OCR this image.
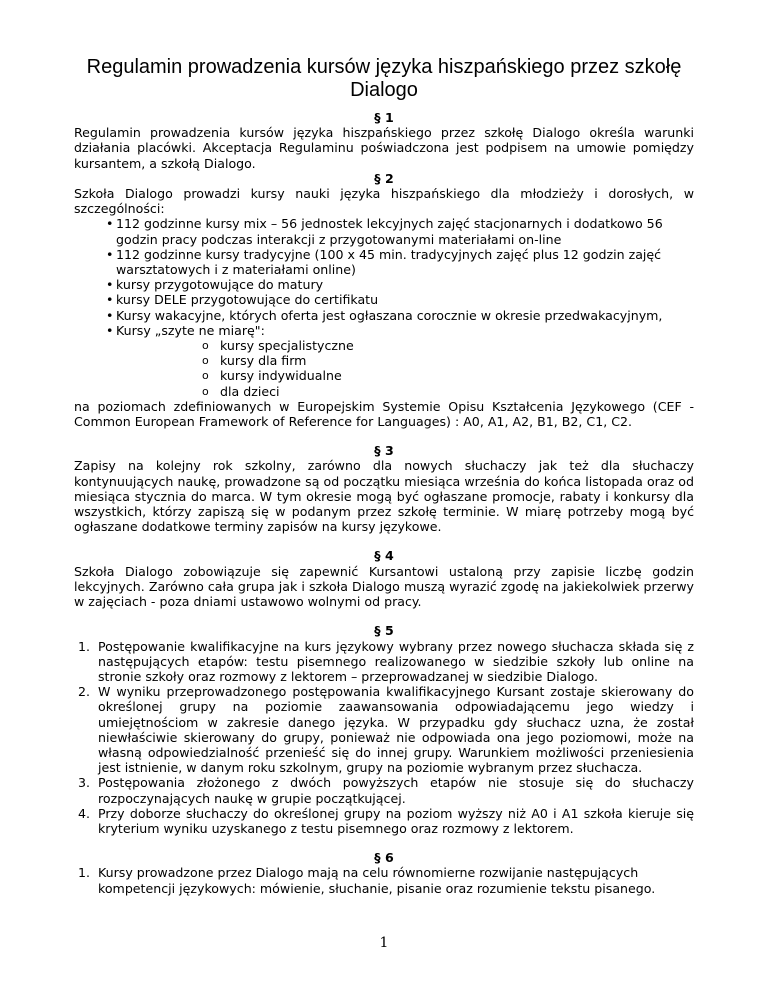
Regulamin prowadzenia kursów języka hiszpańskiego przez szkołę Dialogo
§ 1

Regulamin prowadzenia kursów języka hiszpańskiego przez szkołę Dialogo określa warunki działania placówki. Akceptacja Regulaminu poświadczona jest podpisem na umowie pomiędzy kursantem, a szkołą Dialogo.

§ 2

Szkoła Dialogo prowadzi kursy nauki języka hiszpańskiego dla młodzieży i dorosłych, w szczególności:

• 112 godzinne kursy mix – 56 jednostek lekcyjnych zajęć stacjonarnych i dodatkowo 56 godzin pracy podczas interakcji z przygotowanymi materiałami on-line
• 112 godzinne kursy tradycyjne (100 x 45 min. tradycyjnych zajęć plus 12 godzin zajęć warsztatowych i z materiałami online)
• kursy przygotowujące do matury
• kursy DELE przygotowujące do certifikatu
• Kursy wakacyjne, których oferta jest ogłaszana corocznie w okresie przedwakacyjnym,
• Kursy „szyte ne miarę":
o kursy specjalistyczne
o kursy dla firm
o kursy indywidualne
o dla dzieci

na poziomach zdefiniowanych w Europejskim Systemie Opisu Kształcenia Językowego (CEF - Common European Framework of Reference for Languages) : A0, A1, A2, B1, B2, C1, C2.

§ 3

Zapisy na kolejny rok szkolny, zarówno dla nowych słuchaczy jak też dla słuchaczy kontynuujących naukę, prowadzone są od początku miesiąca września do końca listopada oraz od miesiąca stycznia do marca. W tym okresie mogą być ogłaszane promocje, rabaty i konkursy dla wszystkich, którzy zapiszą się w podanym przez szkołę terminie. W miarę potrzeby mogą być ogłaszane dodatkowe terminy zapisów na kursy językowe.

§ 4

Szkoła Dialogo zobowiązuje się zapewnić Kursantowi ustaloną przy zapisie liczbę godzin lekcyjnych. Zarówno cała grupa jak i szkoła Dialogo muszą wyrazić zgodę na jakiekolwiek przerwy w zajęciach - poza dniami ustawowo wolnymi od pracy.

§ 5
1. Postępowanie kwalifikacyjne na kurs językowy wybrany przez nowego słuchacza składa się z następujących etapów: testu pisemnego realizowanego w siedzibie szkoły lub online na stronie szkoły oraz rozmowy z lektorem – przeprowadzanej w siedzibie Dialogo.
2. W wyniku przeprowadzonego postępowania kwalifikacyjnego Kursant zostaje skierowany do określonej grupy na poziomie zaawansowania odpowiadającemu jego wiedzy i umiejętnościom w zakresie danego języka. W przypadku gdy słuchacz uzna, że został niewłaściwie skierowany do grupy, ponieważ nie odpowiada ona jego poziomowi, może na własną odpowiedzialność przenieść się do innej grupy. Warunkiem możliwości przeniesienia jest istnienie, w danym roku szkolnym, grupy na poziomie wybranym przez słuchacza.
3. Postępowania złożonego z dwóch powyższych etapów nie stosuje się do słuchaczy rozpoczynających naukę w grupie początkującej.
4. Przy doborze słuchaczy do określonej grupy na poziom wyższy niż A0 i A1 szkoła kieruje się kryterium wyniku uzyskanego z testu pisemnego oraz rozmowy z lektorem.
§ 6
1. Kursy prowadzone przez Dialogo mają na celu równomierne rozwijanie następujących kompetencji językowych: mówienie, słuchanie, pisanie oraz rozumienie tekstu pisanego.
1
